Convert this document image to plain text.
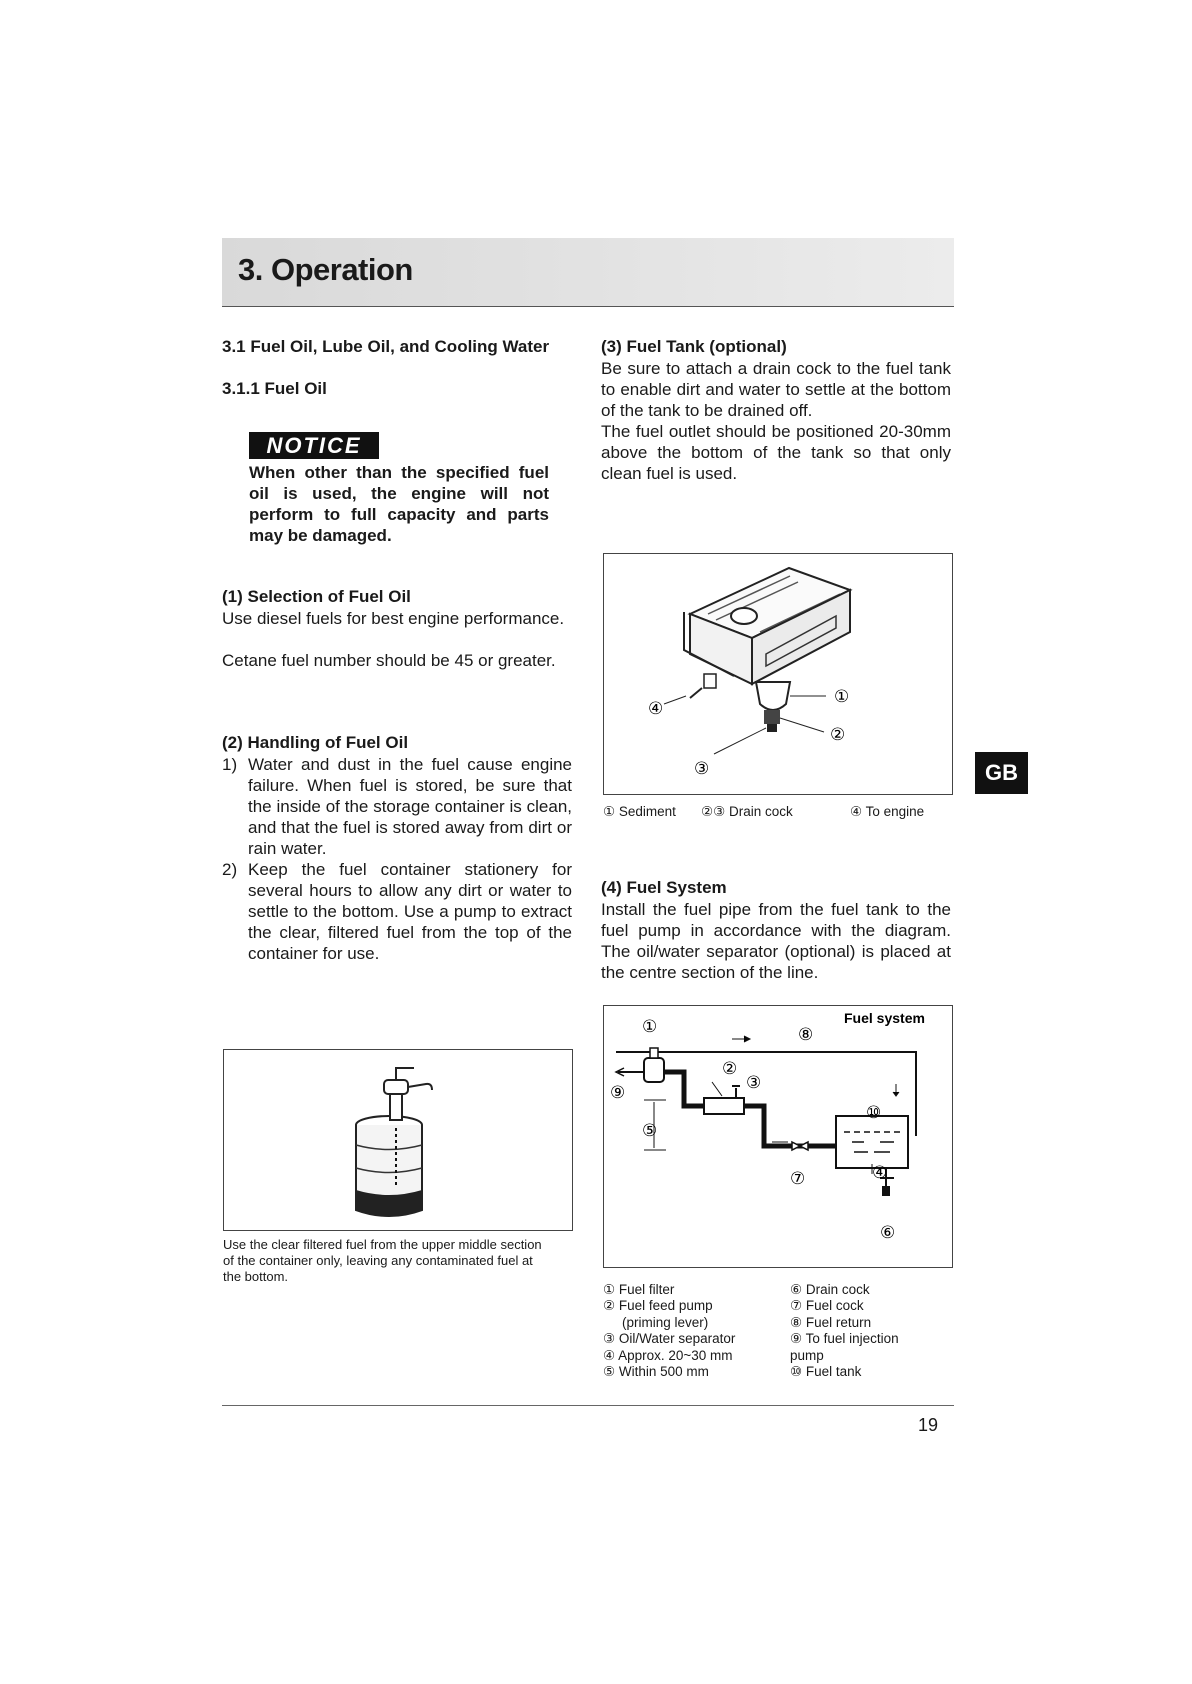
3. Operation
3.1 Fuel Oil, Lube Oil, and Cooling Water
3.1.1 Fuel Oil
NOTICE
When other than the specified fuel oil is used, the engine will not perform to full capacity and parts may be damaged.
(1) Selection of Fuel Oil
Use diesel fuels for best engine performance.
Cetane fuel number should be 45 or greater.
(2) Handling of Fuel Oil
1) Water and dust in the fuel cause engine failure. When fuel is stored, be sure that the inside of the storage container is clean, and that the fuel is stored away from dirt or rain water.
2) Keep the fuel container stationery for several hours to allow any dirt or water to settle to the bottom. Use a pump to extract the clear, filtered fuel from the top of the container for use.
Use the clear filtered fuel from the upper middle section of the container only, leaving any contaminated fuel at the bottom.
(3) Fuel Tank (optional)
Be sure to attach a drain cock to the fuel tank to enable dirt and water to settle at the bottom of the tank to be drained off.
The fuel outlet should be positioned 20-30mm above the bottom of the tank so that only clean fuel is used.
①
②
③
④
① Sediment ②③ Drain cock	④ To engine
(4) Fuel System
Install the fuel pipe from the fuel tank to the fuel pump in accordance with the diagram. The oil/water separator (optional) is placed at the centre section of the line.
Fuel system
①
②
③
④
⑤
⑥
⑦
⑧
⑨
⑩
① Fuel filter
② Fuel feed pump
(priming lever)
③ Oil/Water separator
④ Approx. 20~30 mm
⑤ Within 500 mm
⑥ Drain cock
⑦ Fuel cock
⑧ Fuel return
⑨ To fuel injection
pump
⑩ Fuel tank
GB
19
